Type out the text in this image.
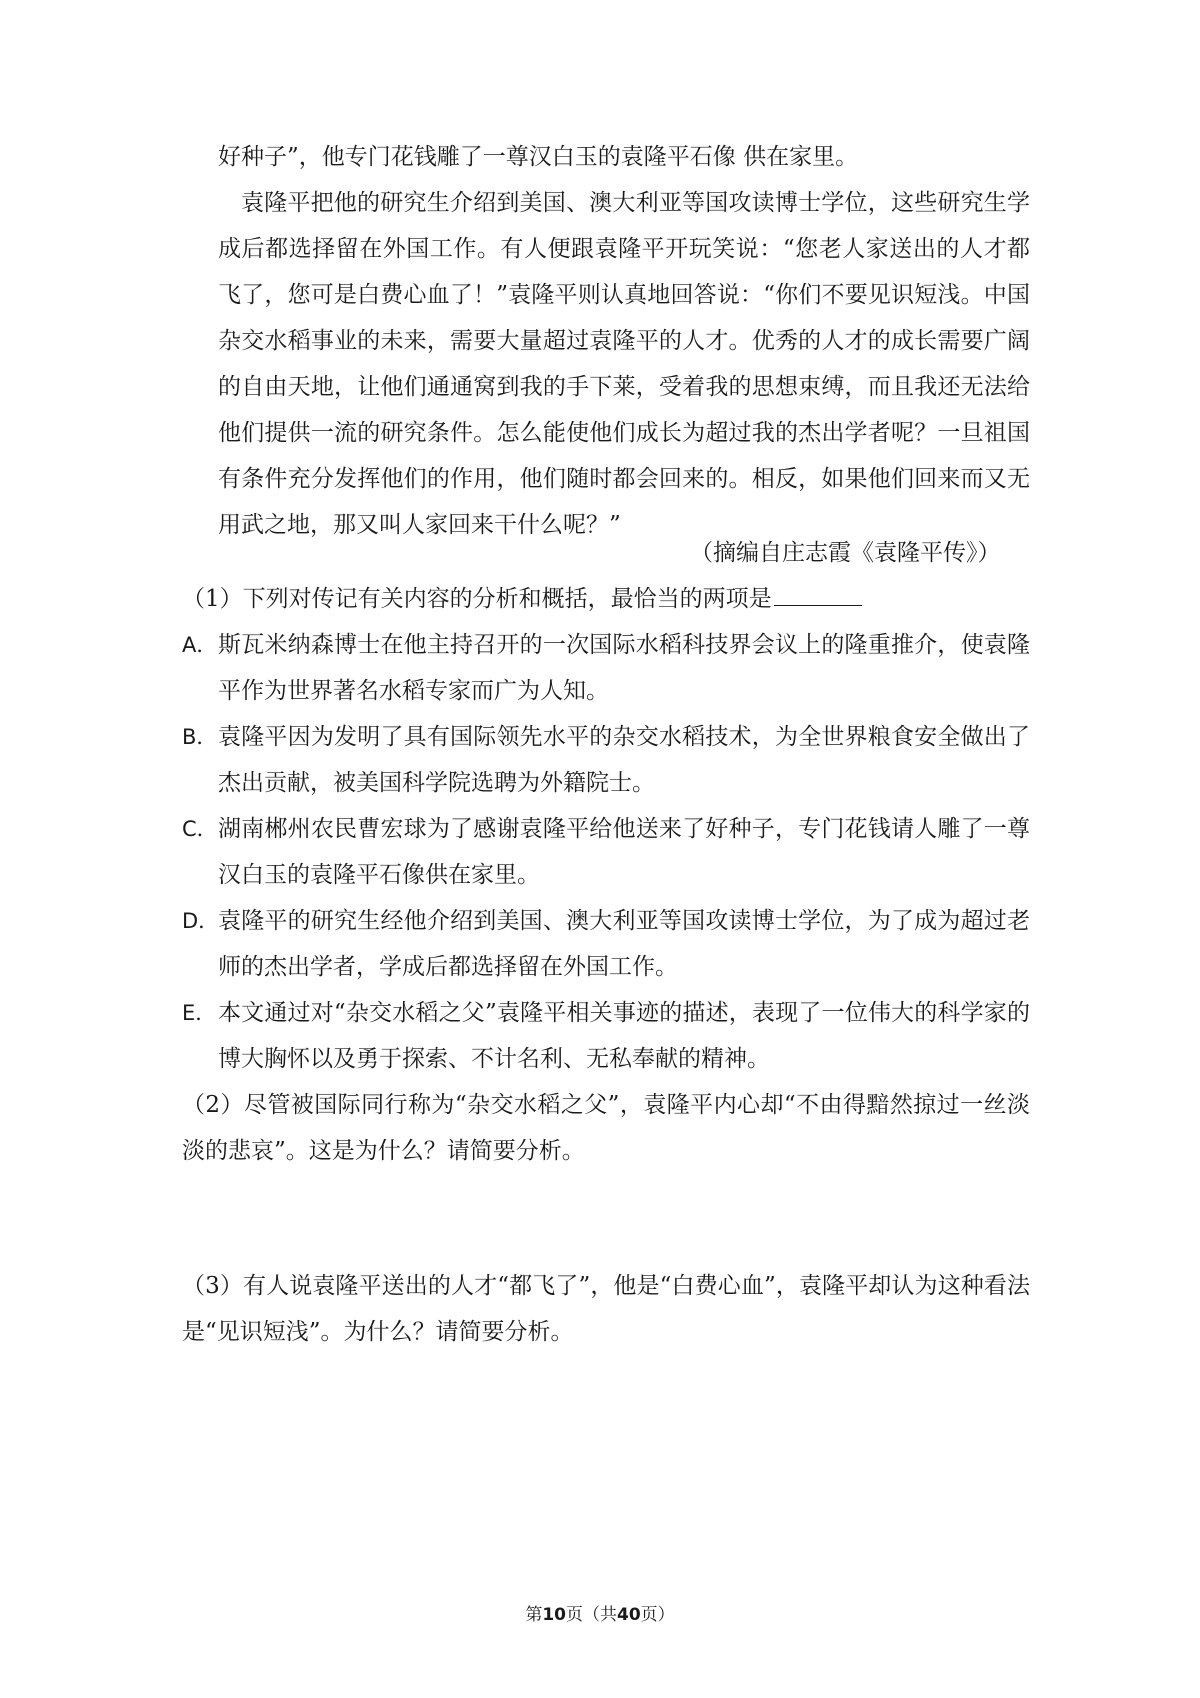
好种子”，他专门花钱雕了一尊汉白玉的袁隆平石像 供在家里。

袁隆平把他的研究生介绍到美国、澳大利亚等国攻读博士学位，这些研究生学成后都选择留在外国工作。有人便跟袁隆平开玩笑说：“您老人家送出的人才都飞了，您可是白费心血了！”袁隆平则认真地回答说：“你们不要见识短浅。中国杂交水稻事业的未来，需要大量超过袁隆平的人才。优秀的人才的成长需要广阔的自由天地，让他们通通窝到我的手下莱，受着我的思想束缚，而且我还无法给他们提供一流的研究条件。怎么能使他们成长为超过我的杰出学者呢？一旦祖国有条件充分发挥他们的作用，他们随时都会回来的。相反，如果他们回来而又无用武之地，那又叫人家回来干什么呢？”

（摘编自庄志霞《袁隆平传》）

（1）下列对传记有关内容的分析和概括，最恰当的两项是
A． 斯瓦米纳森博士在他主持召开的一次国际水稻科技界会议上的隆重推介，使袁隆平作为世界著名水稻专家而广为人知。
B． 袁隆平因为发明了具有国际领先水平的杂交水稻技术，为全世界粮食安全做出了杰出贡献，被美国科学院选聘为外籍院士。
C． 湖南郴州农民曹宏球为了感谢袁隆平给他送来了好种子，专门花钱请人雕了一尊汉白玉的袁隆平石像供在家里。
D．
袁隆平的研究生经他介绍到美国、澳大利亚等国攻读博士学位，为了成为超过老师的杰出学者，学成后都选择留在外国工作。
E． 本文通过对“杂交水稻之父”袁隆平相关事迹的描述，表现了一位伟大的科学家的博大胸怀以及勇于探索、不计名利、无私奉献的精神。

（2）尽管被国际同行称为“杂交水稻之父”，袁隆平内心却“不由得黯然掠过一丝淡淡的悲哀”。这是为什么？请简要分析。

（3）有人说袁隆平送出的人才“都飞了”，他是“白费心血”，袁隆平却认为这种看法是“见识短浅”。为什么？请简要分析。

第10页（共40页）
